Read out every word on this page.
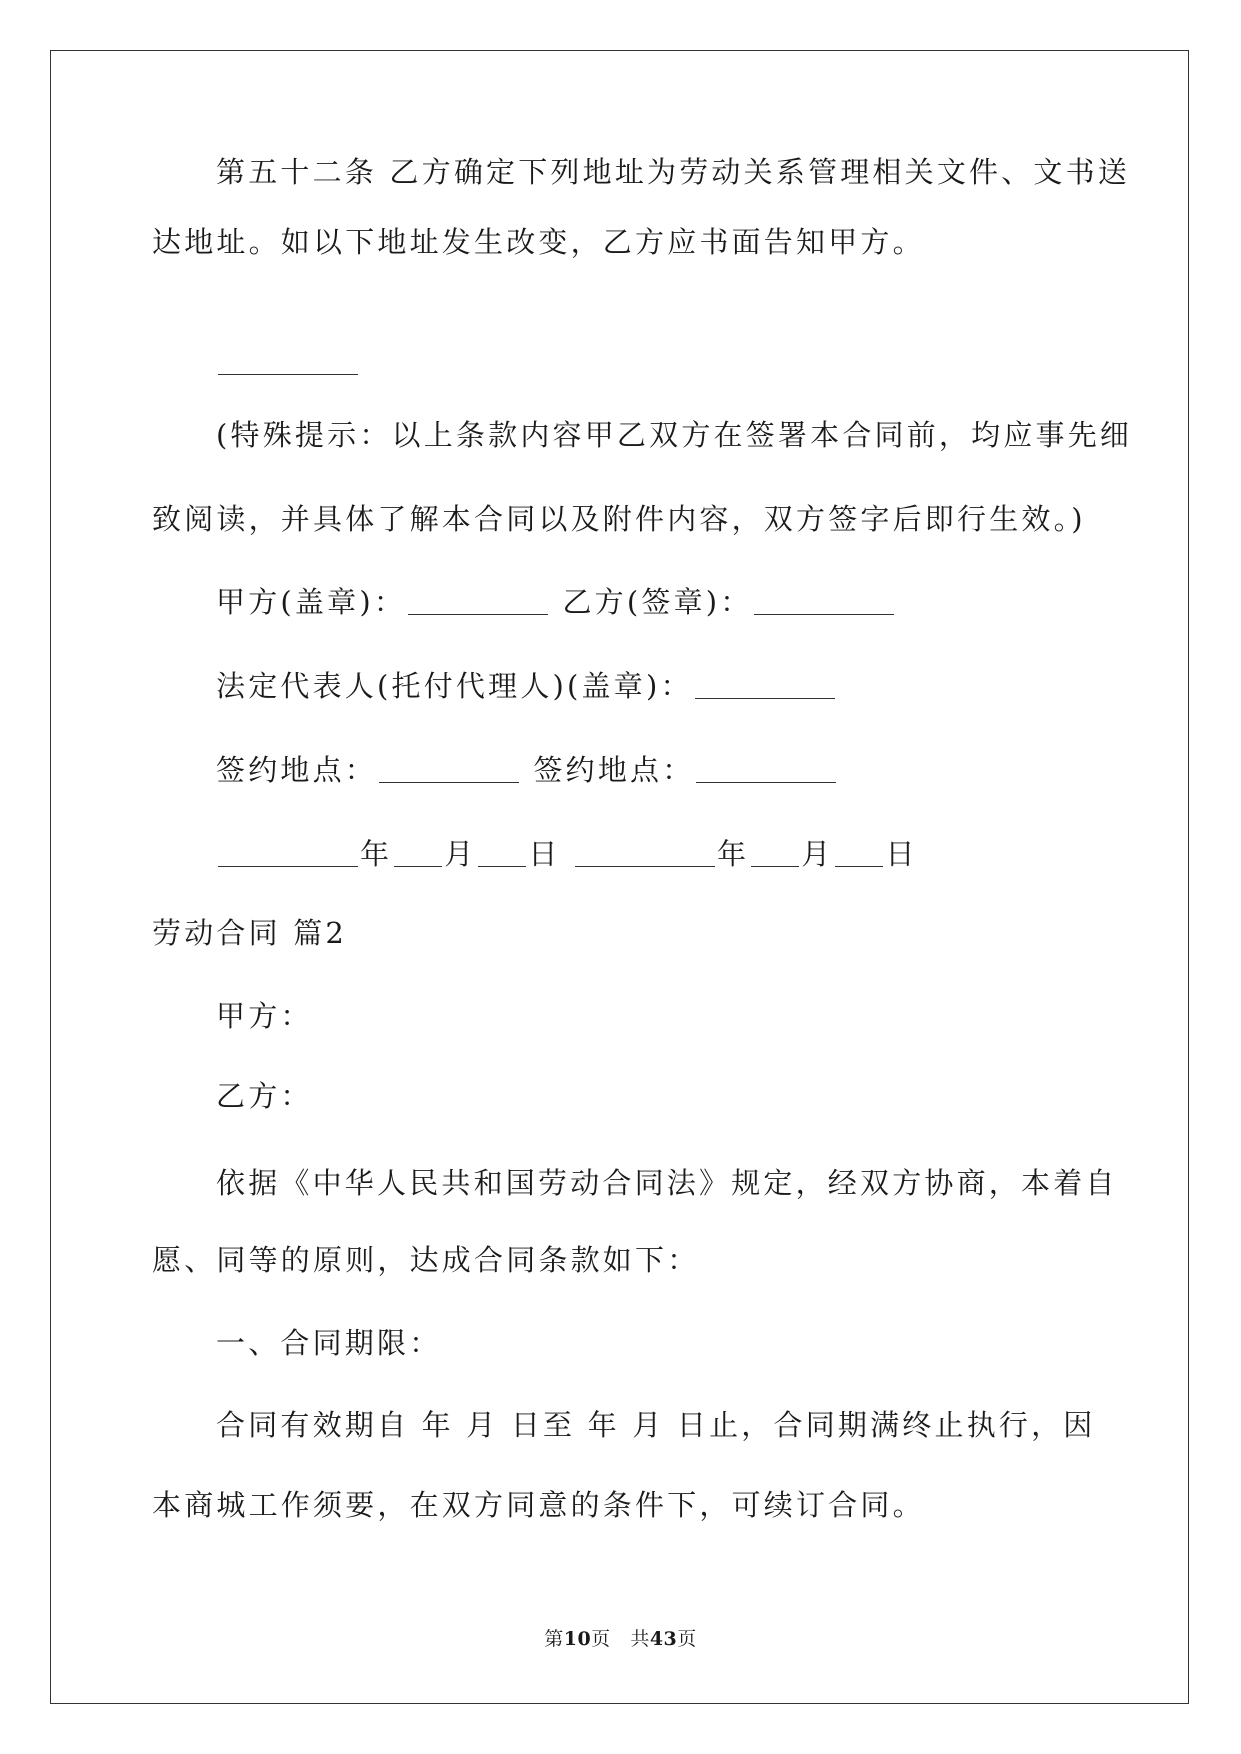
第五十二条 乙方确定下列地址为劳动关系管理相关文件、文书送
达地址。如以下地址发生改变，乙方应书面告知甲方。
(特殊提示：以上条款内容甲乙双方在签署本合同前，均应事先细
致阅读，并具体了解本合同以及附件内容，双方签字后即行生效。)
甲方(盖章)：	乙方(签章)：
法定代表人(托付代理人)(盖章)：
签约地点：	签约地点：
年 月 日	年 月 日
劳动合同 篇2
甲方：
乙方：
依据《中华人民共和国劳动合同法》规定，经双方协商，本着自
愿、同等的原则，达成合同条款如下：
一、合同期限：
合同有效期自 年 月 日至 年 月 日止，合同期满终止执行，因
本商城工作须要，在双方同意的条件下，可续订合同。
第10页 共43页
